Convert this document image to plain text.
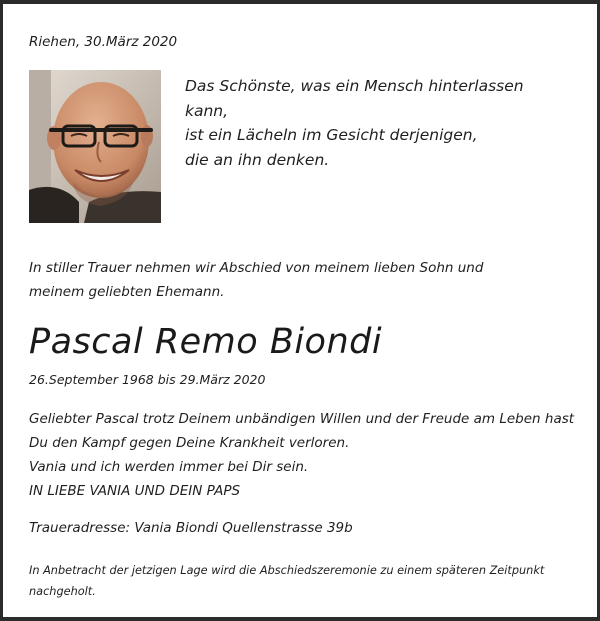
Riehen, 30.März 2020
Das Schönste, was ein Mensch hinterlassen
kann,
ist ein Lächeln im Gesicht derjenigen,
die an ihn denken.
In stiller Trauer nehmen wir Abschied von meinem lieben Sohn und
meinem geliebten Ehemann.
Pascal Remo Biondi
26.September 1968 bis 29.März 2020
Geliebter Pascal trotz Deinem unbändigen Willen und der Freude am Leben hast
Du den Kampf gegen Deine Krankheit verloren.
Vania und ich werden immer bei Dir sein.
IN LIEBE VANIA UND DEIN PAPS
Traueradresse: Vania Biondi Quellenstrasse 39b
In Anbetracht der jetzigen Lage wird die Abschiedszeremonie zu einem späteren Zeitpunkt
nachgeholt.
